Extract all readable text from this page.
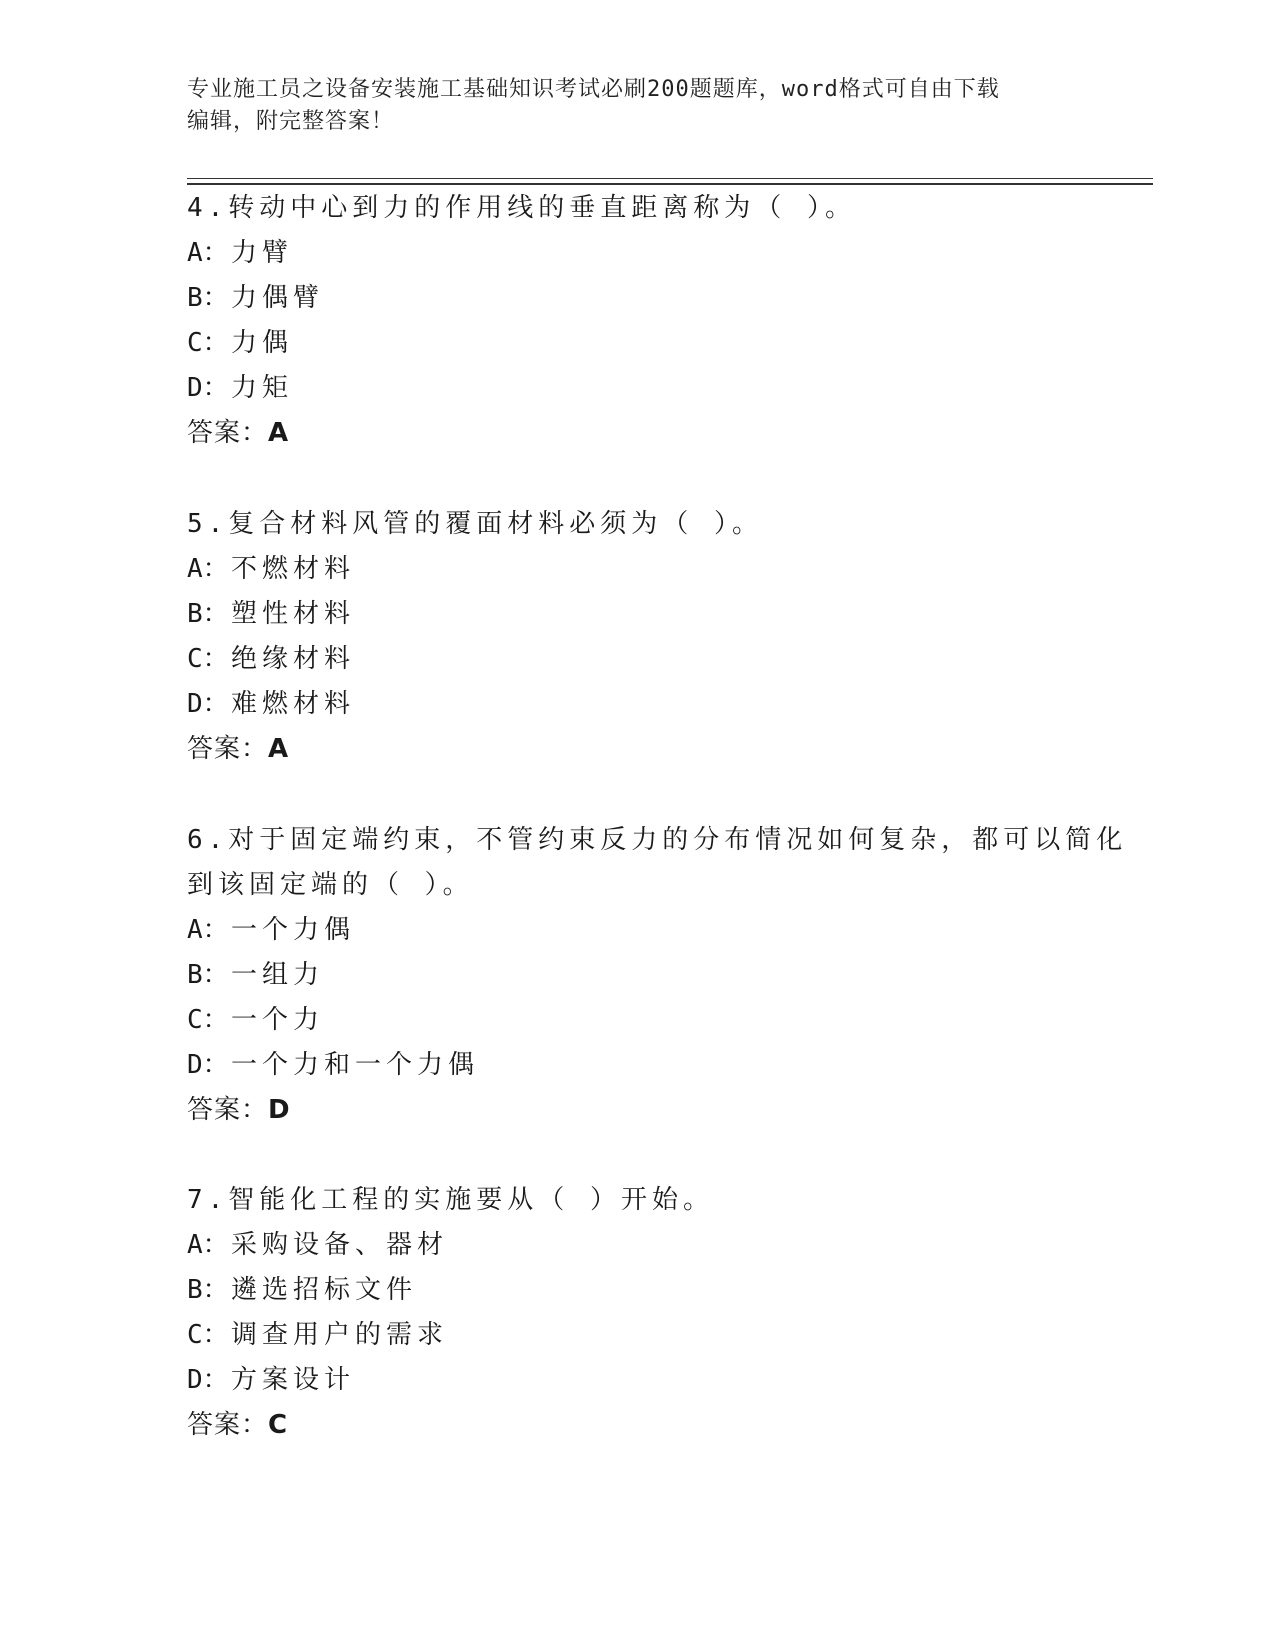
专业施工员之设备安装施工基础知识考试必刷200题题库，word格式可自由下载
编辑，附完整答案！
4.转动中心到力的作用线的垂直距离称为（ ）。
A：力臂
B：力偶臂
C：力偶
D：力矩
答案：A
5.复合材料风管的覆面材料必须为（ ）。
A：不燃材料
B：塑性材料
C：绝缘材料
D：难燃材料
答案：A
6.对于固定端约束，不管约束反力的分布情况如何复杂，都可以简化
到该固定端的（ ）。
A：一个力偶
B：一组力
C：一个力
D：一个力和一个力偶
答案：D
7.智能化工程的实施要从（ ）开始。
A：采购设备、器材
B：遴选招标文件
C：调查用户的需求
D：方案设计
答案：C
